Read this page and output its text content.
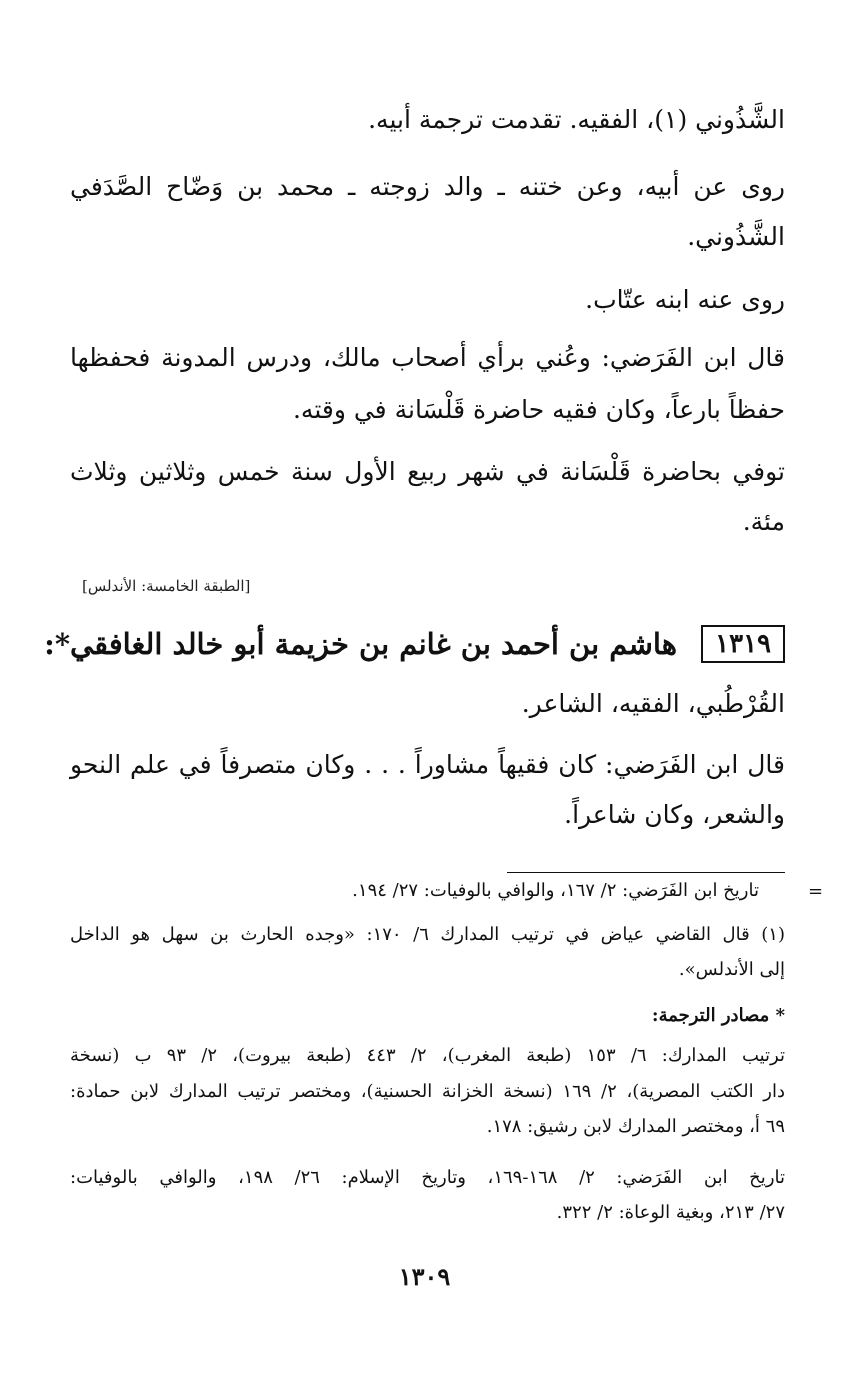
الشَّذُوني (١)، الفقيه. تقدمت ترجمة أبيه.
روى عن أبيه، وعن ختنه ـ والد زوجته ـ محمد بن وَضّاح الصَّدَفي
الشَّذُوني.
روى عنه ابنه عتّاب.
قال ابن الفَرَضي: وعُني برأي أصحاب مالك، ودرس المدونة فحفظها
حفظاً بارعاً، وكان فقيه حاضرة قَلْسَانة في وقته.
توفي بحاضرة قَلْسَانة في شهر ربيع الأول سنة خمس وثلاثين وثلاث
مئة.
[الطبقة الخامسة: الأندلس]
١٣١٩ هاشم بن أحمد بن غانم بن خزيمة أبو خالد الغافقي*:
القُرْطُبي، الفقيه، الشاعر.
قال ابن الفَرَضي: كان فقيهاً مشاوراً . . . وكان متصرفاً في علم النحو
والشعر، وكان شاعراً.
=
تاريخ ابن الفَرَضي: ٢/ ١٦٧، والوافي بالوفيات: ٢٧/ ١٩٤.
(١) قال القاضي عياض في ترتيب المدارك ٦/ ١٧٠: «وجده الحارث بن سهل هو الداخل
إلى الأندلس».
* مصادر الترجمة:
ترتيب المدارك: ٦/ ١٥٣ (طبعة المغرب)، ٢/ ٤٤٣ (طبعة بيروت)، ٢/ ٩٣ ب (نسخة
دار الكتب المصرية)، ٢/ ١٦٩ (نسخة الخزانة الحسنية)، ومختصر ترتيب المدارك لابن حمادة:
٦٩ أ، ومختصر المدارك لابن رشيق: ١٧٨.
تاريخ ابن الفَرَضي: ٢/ ١٦٨-١٦٩، وتاريخ الإسلام: ٢٦/ ١٩٨، والوافي بالوفيات:
٢٧/ ٢١٣، وبغية الوعاة: ٢/ ٣٢٢.
١٣٠٩
